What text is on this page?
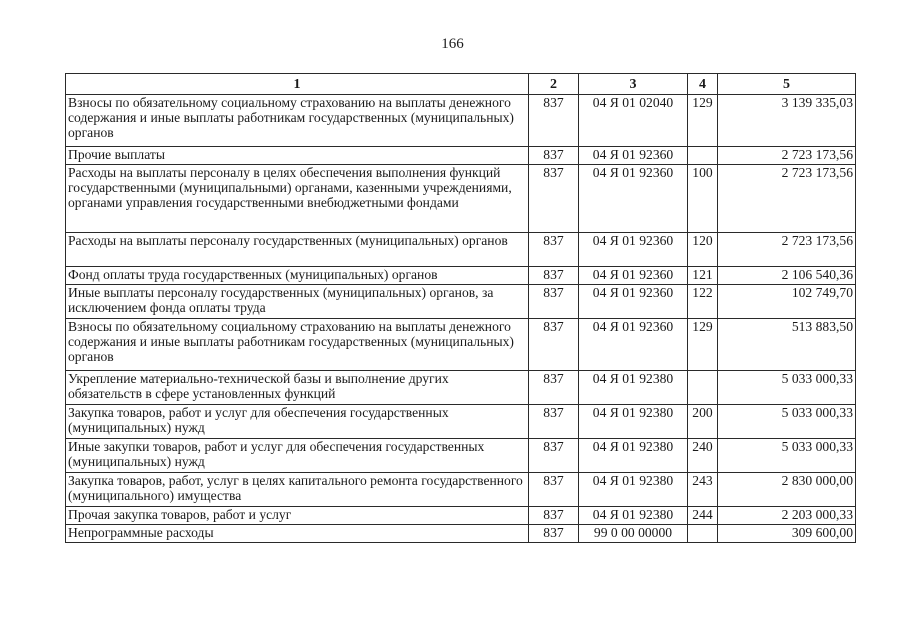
166
1	2	3	4	5
Взносы по обязательному социальному страхованию на выплаты денежного содержания и иные выплаты работникам государственных (муниципальных) органов	837	04 Я 01 02040	129	3 139 335,03
Прочие выплаты	837	04 Я 01 92360		2 723 173,56
Расходы на выплаты персоналу в целях обеспечения выполнения функций государственными (муниципальными) органами, казенными учреждениями, органами управления государственными внебюджетными фондами	837	04 Я 01 92360	100	2 723 173,56
Расходы на выплаты персоналу государственных (муниципальных) органов	837	04 Я 01 92360	120	2 723 173,56
Фонд оплаты труда государственных (муниципальных) органов	837	04 Я 01 92360	121	2 106 540,36
Иные выплаты персоналу государственных (муниципальных) органов, за исключением фонда оплаты труда	837	04 Я 01 92360	122	102 749,70
Взносы по обязательному социальному страхованию на выплаты денежного содержания и иные выплаты работникам государственных (муниципальных) органов	837	04 Я 01 92360	129	513 883,50
Укрепление материально-технической базы и выполнение других обязательств в сфере установленных функций	837	04 Я 01 92380		5 033 000,33
Закупка товаров, работ и услуг для обеспечения государственных (муниципальных) нужд	837	04 Я 01 92380	200	5 033 000,33
Иные закупки товаров, работ и услуг для обеспечения государственных (муниципальных) нужд	837	04 Я 01 92380	240	5 033 000,33
Закупка товаров, работ, услуг в целях капитального ремонта государственного (муниципального) имущества	837	04 Я 01 92380	243	2 830 000,00
Прочая закупка товаров, работ и услуг	837	04 Я 01 92380	244	2 203 000,33
Непрограммные расходы	837	99 0 00 00000		309 600,00
